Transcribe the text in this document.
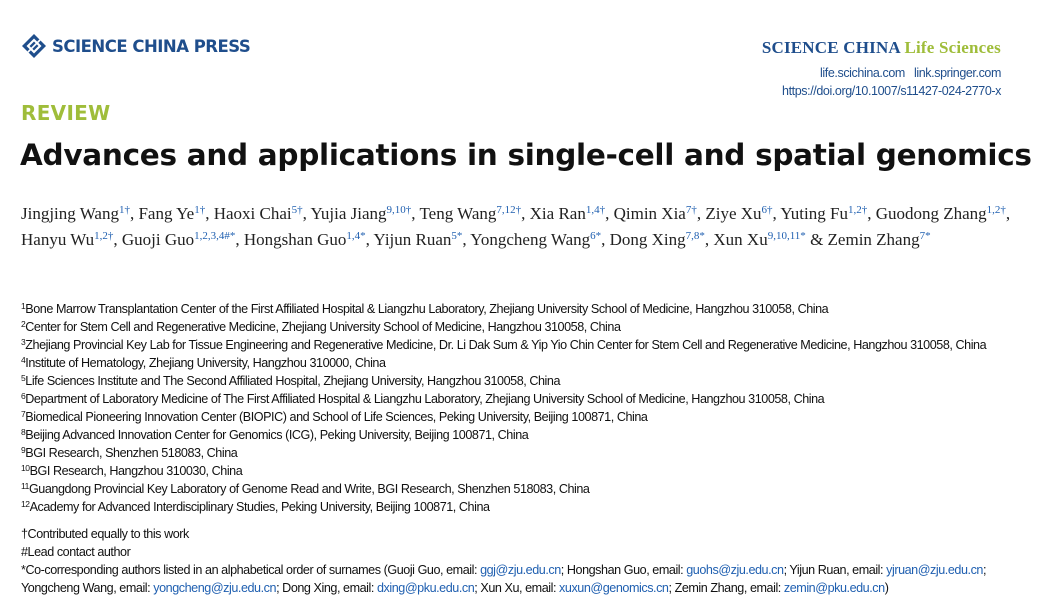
SCIENCE CHINA PRESS	SCIENCE CHINA Life Sciences
life.scichina.com link.springer.com
https://doi.org/10.1007/s11427-024-2770-x
REVIEW
Advances and applications in single-cell and spatial genomics
Jingjing Wang$^{1\dagger}$, Fang $Ye^{1\dagger}$, Haoxi Chai$^{5\dagger}$, Yujia Jiang$^{9,10\dagger}$, Teng Wang$^{7,12\dagger}$, Xia Ran$^{1,4\dagger}$, Qimin Xia$^{7\dagger}$, Ziye $Xu^{6\dagger}$, Yuting $Fu^{1,2\dagger}$, Guodong Zhang$^{1,2\dagger}$, Hanyu $Wu^{1,2\dagger}$, Guoji Guo$^{1,2,3,4\#*}$, Hongshan Guo$^{1,4*}$, Yijun Ruan$^{5*}$, Yongcheng Wang$^{6*}$, Dong Xing$^{7,8*}$, Xun $Xu^{9,10,11*}$ & Zemin Zhang$^{7*}$
$^1$Bone Marrow Transplantation Center of the First Affiliated Hospital & Liangzhu Laboratory, Zhejiang University School of Medicine, Hangzhou 310058, China
$^2$Center for Stem Cell and Regenerative Medicine, Zhejiang University School of Medicine, Hangzhou 310058, China
$^3$Zhejiang Provincial Key Lab for Tissue Engineering and Regenerative Medicine, Dr. Li Dak Sum & Yip Yio Chin Center for Stem Cell and Regenerative Medicine, Hangzhou 310058, China
$^4$Institute of Hematology, Zhejiang University, Hangzhou 310000, China
$^5$Life Sciences Institute and The Second Affiliated Hospital, Zhejiang University, Hangzhou 310058, China
$^6$Department of Laboratory Medicine of The First Affiliated Hospital & Liangzhu Laboratory, Zhejiang University School of Medicine, Hangzhou 310058, China
$^7$Biomedical Pioneering Innovation Center (BIOPIC) and School of Life Sciences, Peking University, Beijing 100871, China
$^8$Beijing Advanced Innovation Center for Genomics (ICG), Peking University, Beijing 100871, China
$^9$BGI Research, Shenzhen 518083, China
$^{10}$BGI Research, Hangzhou 310030, China
$^{11}$Guangdong Provincial Key Laboratory of Genome Read and Write, BGI Research, Shenzhen 518083, China
$^{12}$Academy for Advanced Interdisciplinary Studies, Peking University, Beijing 100871, China
†Contributed equally to this work
#Lead contact author
*Co-corresponding authors listed in an alphabetical order of surnames (Guoji Guo, email: ggj@zju.edu.cn; Hongshan Guo, email: guohs@zju.edu.cn; Yijun Ruan, email: yjruan@zju.edu.cn; Yongcheng Wang, email: yongcheng@zju.edu.cn; Dong Xing, email: dxing@pku.edu.cn; Xun Xu, email: xuxun@genomics.cn; Zemin Zhang, email: zemin@pku.edu.cn)
